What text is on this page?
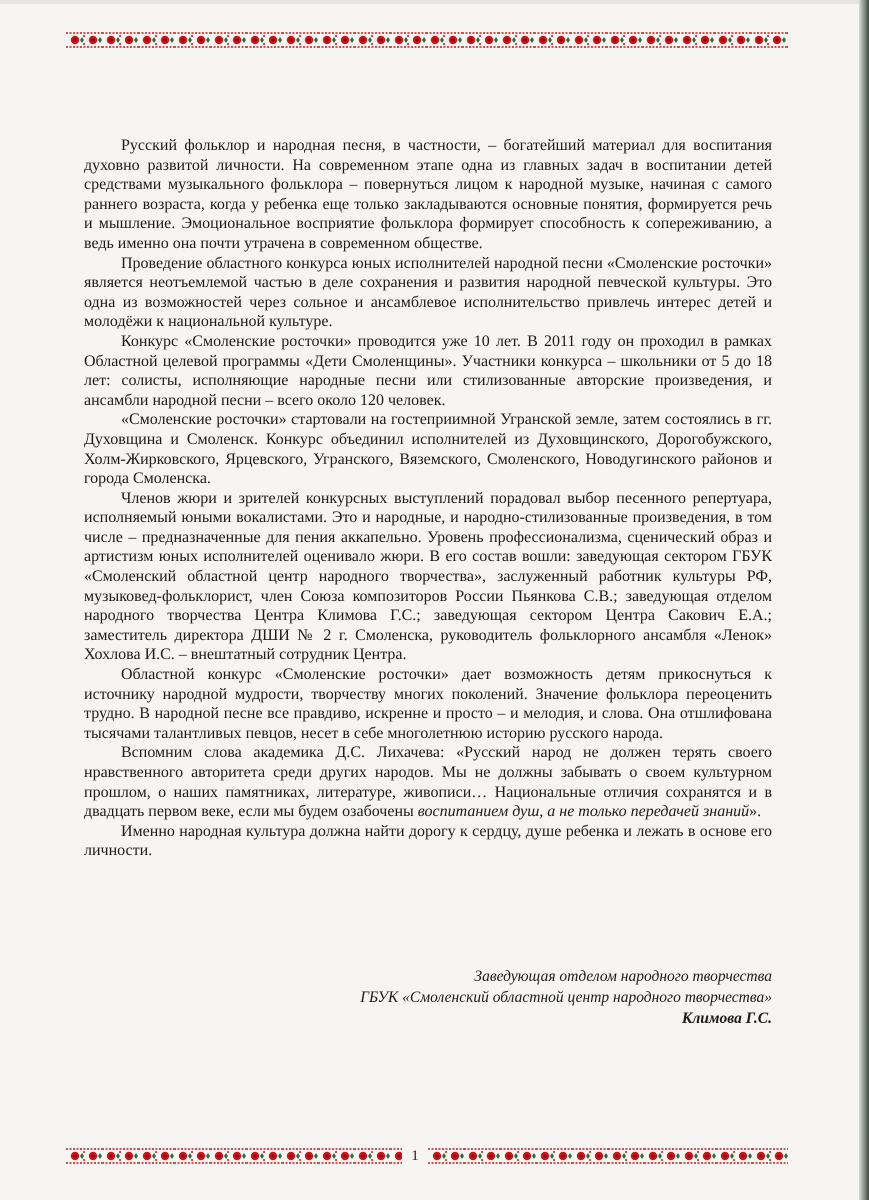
Русский фольклор и народная песня, в частности, – богатейший материал для воспитания духовно развитой личности. На современном этапе одна из главных задач в воспитании детей средствами музыкального фольклора – повернуться лицом к народной музыке, начиная с самого раннего возраста, когда у ребенка еще только закладываются основные понятия, формируется речь и мышление. Эмоциональное восприятие фольклора формирует способность к сопереживанию, а ведь именно она почти утрачена в современном обществе.

Проведение областного конкурса юных исполнителей народной песни «Смоленские росточки» является неотъемлемой частью в деле сохранения и развития народной певческой культуры. Это одна из возможностей через сольное и ансамблевое исполнительство привлечь интерес детей и молодёжи к национальной культуре.

Конкурс «Смоленские росточки» проводится уже 10 лет. В 2011 году он проходил в рамках Областной целевой программы «Дети Смоленщины». Участники конкурса – школьники от 5 до 18 лет: солисты, исполняющие народные песни или стилизованные авторские произведения, и ансамбли народной песни – всего около 120 человек.

«Смоленские росточки» стартовали на гостеприимной Угранской земле, затем состоялись в гг. Духовщина и Смоленск. Конкурс объединил исполнителей из Духовщинского, Дорогобужского, Холм-Жирковского, Ярцевского, Угранского, Вяземского, Смоленского, Новодугинского районов и города Смоленска.

Членов жюри и зрителей конкурсных выступлений порадовал выбор песенного репертуара, исполняемый юными вокалистами. Это и народные, и народно-стилизованные произведения, в том числе – предназначенные для пения аккапельно. Уровень профессионализма, сценический образ и артистизм юных исполнителей оценивало жюри. В его состав вошли: заведующая сектором ГБУК «Смоленский областной центр народного творчества», заслуженный работник культуры РФ, музыковед-фольклорист, член Союза композиторов России Пьянкова С.В.; заведующая отделом народного творчества Центра Климова Г.С.; заведующая сектором Центра Сакович Е.А.; заместитель директора ДШИ № 2 г. Смоленска, руководитель фольклорного ансамбля «Ленок» Хохлова И.С. – внештатный сотрудник Центра.

Областной конкурс «Смоленские росточки» дает возможность детям прикоснуться к источнику народной мудрости, творчеству многих поколений. Значение фольклора переоценить трудно. В народной песне все правдиво, искренне и просто – и мелодия, и слова. Она отшлифована тысячами талантливых певцов, несет в себе многолетнюю историю русского народа.

Вспомним слова академика Д.С. Лихачева: «Русский народ не должен терять своего нравственного авторитета среди других народов. Мы не должны забывать о своем культурном прошлом, о наших памятниках, литературе, живописи… Национальные отличия сохранятся и в двадцать первом веке, если мы будем озабочены воспитанием душ, а не только передачей знаний».

Именно народная культура должна найти дорогу к сердцу, душе ребенка и лежать в основе его личности.

Заведующая отделом народного творчества
ГБУК «Смоленский областной центр народного творчества»
Климова Г.С.
1
